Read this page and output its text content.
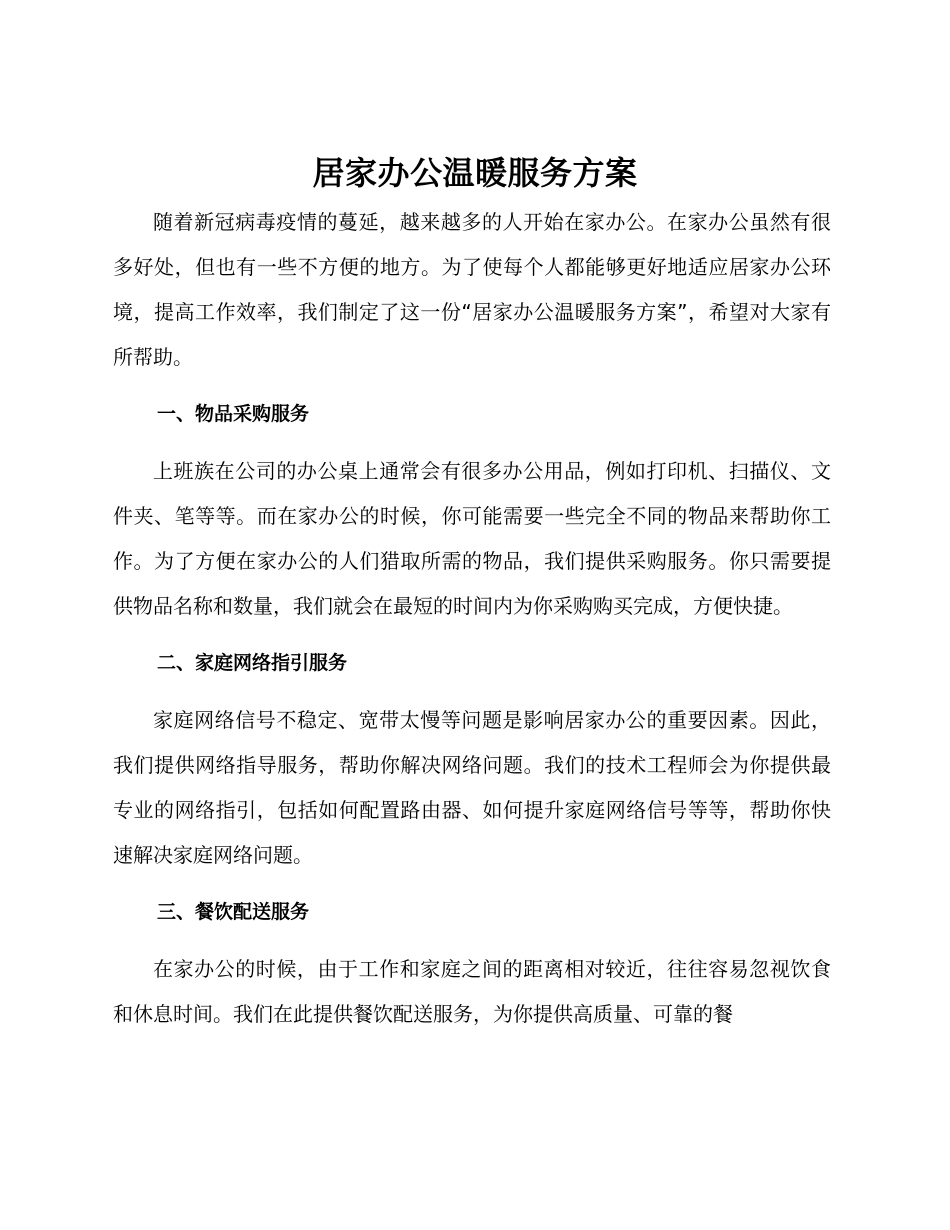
居家办公温暖服务方案

随着新冠病毒疫情的蔓延，越来越多的人开始在家办公。在家办公虽然有很多好处，但也有一些不方便的地方。为了使每个人都能够更好地适应居家办公环境，提高工作效率，我们制定了这一份“居家办公温暖服务方案”，希望对大家有所帮助。

一、物品采购服务

上班族在公司的办公桌上通常会有很多办公用品，例如打印机、扫描仪、文件夹、笔等等。而在家办公的时候，你可能需要一些完全不同的物品来帮助你工作。为了方便在家办公的人们猎取所需的物品，我们提供采购服务。你只需要提供物品名称和数量，我们就会在最短的时间内为你采购购买完成，方便快捷。

二、家庭网络指引服务

家庭网络信号不稳定、宽带太慢等问题是影响居家办公的重要因素。因此，我们提供网络指导服务，帮助你解决网络问题。我们的技术工程师会为你提供最专业的网络指引，包括如何配置路由器、如何提升家庭网络信号等等，帮助你快速解决家庭网络问题。

三、餐饮配送服务

在家办公的时候，由于工作和家庭之间的距离相对较近，往往容易忽视饮食和休息时间。我们在此提供餐饮配送服务，为你提供高质量、可靠的餐
